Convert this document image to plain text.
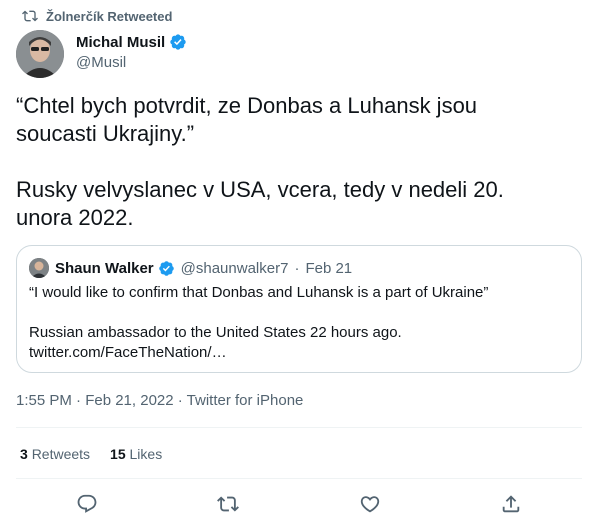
Žolnerčík Retweeted
Michal Musil
@Musil
“Chtel bych potvrdit, ze Donbas a Luhansk jsou
soucasti Ukrajiny.”

Rusky velvyslanec v USA, vcera, tedy v nedeli 20.
unora 2022.
Shaun Walker @shaunwalker7 · Feb 21
“I would like to confirm that Donbas and Luhansk is a part of Ukraine”

Russian ambassador to the United States 22 hours ago.
twitter.com/FaceTheNation/…
1:55 PM · Feb 21, 2022 · Twitter for iPhone
3 Retweets 15 Likes
